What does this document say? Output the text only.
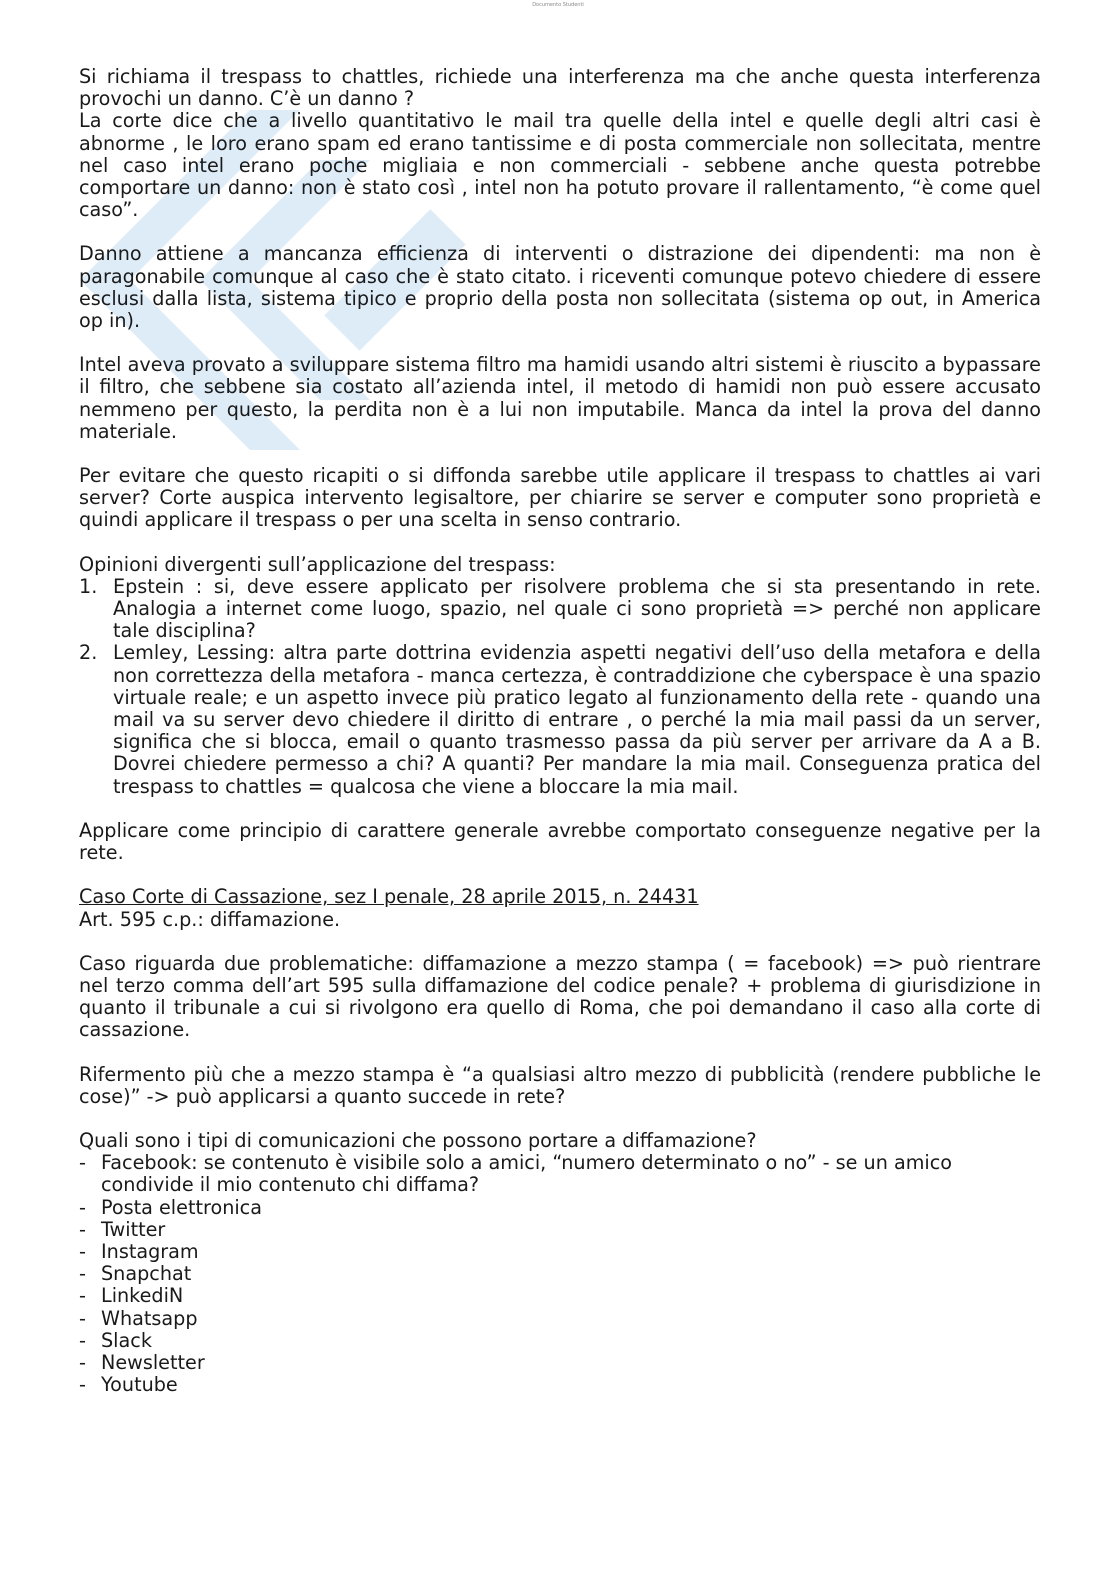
Documento Studenti

Si richiama il trespass to chattles, richiede una interferenza ma che anche questa interferenza provochi un danno. C’è un danno ?

La corte dice che a livello quantitativo le mail tra quelle della intel e quelle degli altri casi è abnorme , le loro erano spam ed erano tantissime e di posta commerciale non sollecitata, mentre nel caso intel erano poche migliaia e non commerciali - sebbene anche questa potrebbe comportare un danno: non è stato così , intel non ha potuto provare il rallentamento, “è come quel caso”.

Danno attiene a mancanza efficienza di interventi o distrazione dei dipendenti: ma non è paragonabile comunque al caso che è stato citato. i riceventi comunque potevo chiedere di essere esclusi dalla lista, sistema tipico e proprio della posta non sollecitata (sistema op out, in America op in).

Intel aveva provato a sviluppare sistema filtro ma hamidi usando altri sistemi è riuscito a bypassare il filtro, che sebbene sia costato all’azienda intel, il metodo di hamidi non può essere accusato nemmeno per questo, la perdita non è a lui non imputabile. Manca da intel la prova del danno materiale.

Per evitare che questo ricapiti o si diffonda sarebbe utile applicare il trespass to chattles ai vari server? Corte auspica intervento legisaltore, per chiarire se server e computer sono proprietà e quindi applicare il trespass o per una scelta in senso contrario.

Opinioni divergenti sull’applicazione del trespass:

1. Epstein : si, deve essere applicato per risolvere problema che si sta presentando in rete. Analogia a internet come luogo, spazio, nel quale ci sono proprietà => perché non applicare tale disciplina?
2. Lemley, Lessing: altra parte dottrina evidenzia aspetti negativi dell’uso della metafora e della non correttezza della metafora - manca certezza, è contraddizione che cyberspace è una spazio virtuale reale; e un aspetto invece più pratico legato al funzionamento della rete - quando una mail va su server devo chiedere il diritto di entrare , o perché la mia mail passi da un server, significa che si blocca, email o quanto trasmesso passa da più server per arrivare da A a B. Dovrei chiedere permesso a chi? A quanti? Per mandare la mia mail. Conseguenza pratica del trespass to chattles = qualcosa che viene a bloccare la mia mail.

Applicare come principio di carattere generale avrebbe comportato conseguenze negative per la rete.

Caso Corte di Cassazione, sez I penale, 28 aprile 2015, n. 24431

Art. 595 c.p.: diffamazione.

Caso riguarda due problematiche: diffamazione a mezzo stampa ( = facebook) => può rientrare nel terzo comma dell’art 595 sulla diffamazione del codice penale? + problema di giurisdizione in quanto il tribunale a cui si rivolgono era quello di Roma, che poi demandano il caso alla corte di cassazione.

Rifermento più che a mezzo stampa è “a qualsiasi altro mezzo di pubblicità (rendere pubbliche le cose)” -> può applicarsi a quanto succede in rete?

Quali sono i tipi di comunicazioni che possono portare a diffamazione?

- Facebook: se contenuto è visibile solo a amici, “numero determinato o no” - se un amico condivide il mio contenuto chi diffama?
- Posta elettronica
- Twitter
- Instagram
- Snapchat
- LinkediN
- Whatsapp
- Slack
- Newsletter
- Youtube
